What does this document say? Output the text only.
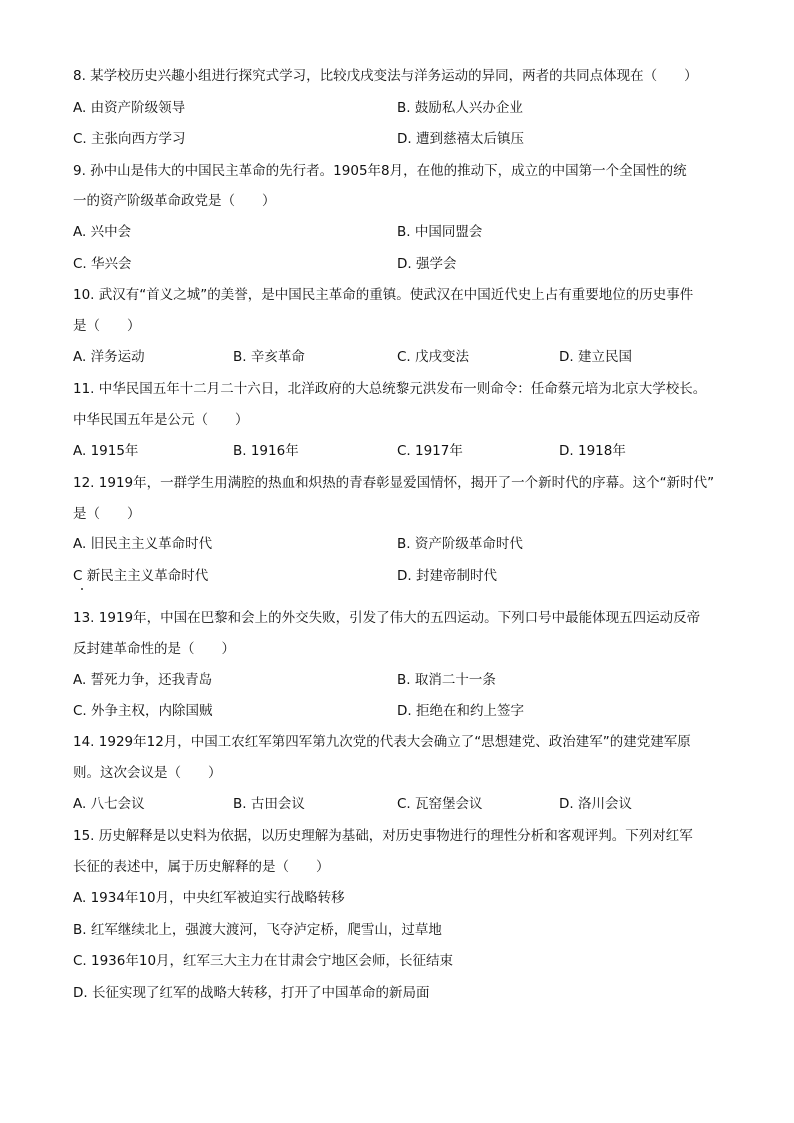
8. 某学校历史兴趣小组进行探究式学习，比较戊戌变法与洋务运动的异同，两者的共同点体现在（　　）
A. 由资产阶级领导	B. 鼓励私人兴办企业
C. 主张向西方学习	D. 遭到慈禧太后镇压
9. 孙中山是伟大的中国民主革命的先行者。1905年8月，在他的推动下，成立的中国第一个全国性的统
一的资产阶级革命政党是（　　）
A. 兴中会	B. 中国同盟会
C. 华兴会	D. 强学会
10. 武汉有“首义之城”的美誉，是中国民主革命的重镇。使武汉在中国近代史上占有重要地位的历史事件
是（　　）
A. 洋务运动	B. 辛亥革命	C. 戊戌变法	D. 建立民国
11. 中华民国五年十二月二十六日，北洋政府的大总统黎元洪发布一则命令：任命蔡元培为北京大学校长。
中华民国五年是公元（　　）
A. 1915年	B. 1916年	C. 1917年	D. 1918年
12. 1919年，一群学生用满腔的热血和炽热的青春彰显爱国情怀，揭开了一个新时代的序幕。这个“新时代”
是（　　）
A. 旧民主主义革命时代	B. 资产阶级革命时代
C 新民主主义革命时代	D. 封建帝制时代
13. 1919年，中国在巴黎和会上的外交失败，引发了伟大的五四运动。下列口号中最能体现五四运动反帝
反封建革命性的是（　　）
A. 誓死力争，还我青岛	B. 取消二十一条
C. 外争主权，内除国贼	D. 拒绝在和约上签字
14. 1929年12月，中国工农红军第四军第九次党的代表大会确立了“思想建党、政治建军”的建党建军原
则。这次会议是（　　）
A. 八七会议	B. 古田会议	C. 瓦窑堡会议	D. 洛川会议
15. 历史解释是以史料为依据，以历史理解为基础，对历史事物进行的理性分析和客观评判。下列对红军
长征的表述中，属于历史解释的是（　　）
A. 1934年10月，中央红军被迫实行战略转移
B. 红军继续北上，强渡大渡河，飞夺泸定桥，爬雪山，过草地
C. 1936年10月，红军三大主力在甘肃会宁地区会师，长征结束
D. 长征实现了红军的战略大转移，打开了中国革命的新局面
